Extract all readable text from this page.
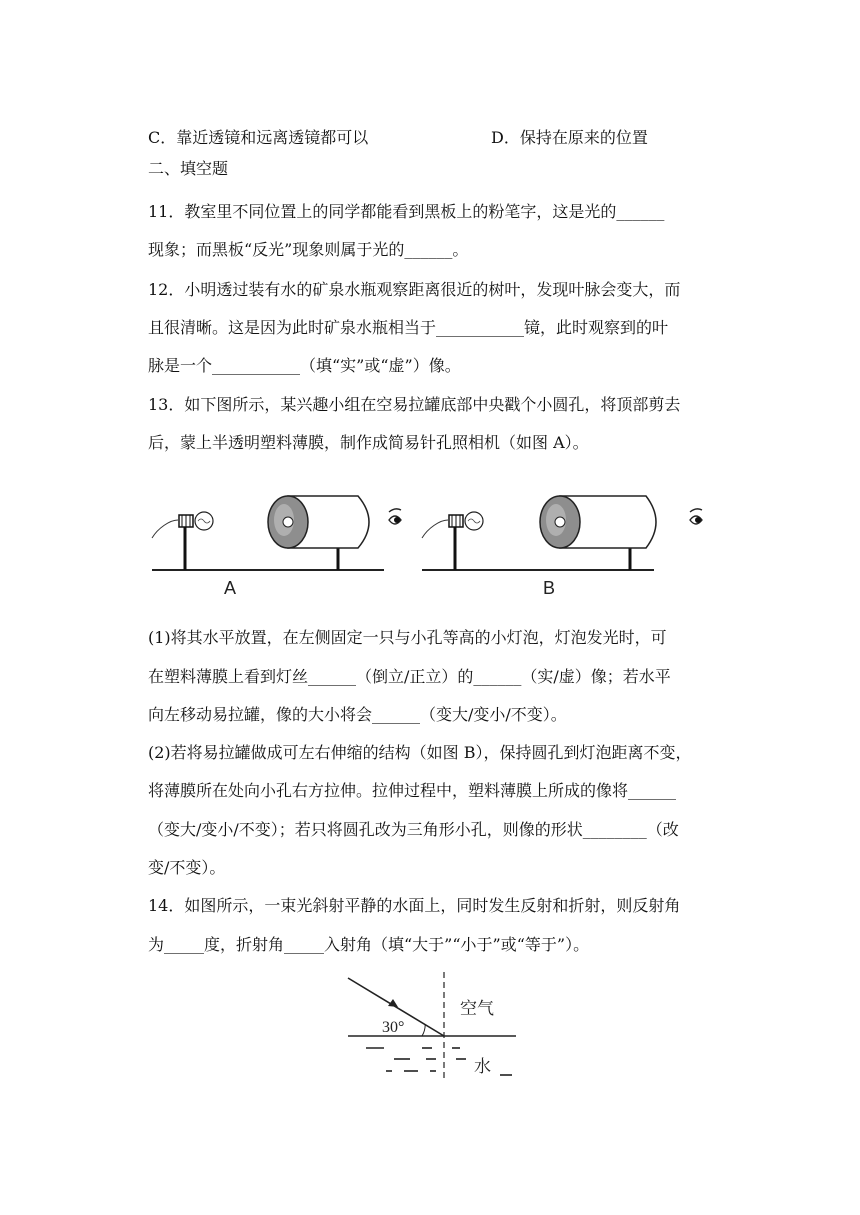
C．靠近透镜和远离透镜都可以	D．保持在原来的位置
二、填空题
11．教室里不同位置上的同学都能看到黑板上的粉笔字，这是光的______
现象；而黑板“反光”现象则属于光的______。
12．小明透过装有水的矿泉水瓶观察距离很近的树叶，发现叶脉会变大，而
且很清晰。这是因为此时矿泉水瓶相当于___________镜，此时观察到的叶
脉是一个___________（填“实”或“虚”）像。
13．如下图所示，某兴趣小组在空易拉罐底部中央戳个小圆孔，将顶部剪去
后，蒙上半透明塑料薄膜，制作成简易针孔照相机（如图 A）。
A	B
(1)将其水平放置，在左侧固定一只与小孔等高的小灯泡，灯泡发光时，可
在塑料薄膜上看到灯丝______（倒立/正立）的______（实/虚）像；若水平
向左移动易拉罐，像的大小将会______（变大/变小/不变）。
(2)若将易拉罐做成可左右伸缩的结构（如图 B），保持圆孔到灯泡距离不变，
将薄膜所在处向小孔右方拉伸。拉伸过程中，塑料薄膜上所成的像将______
（变大/变小/不变）；若只将圆孔改为三角形小孔，则像的形状________（改
变/不变）。
14．如图所示，一束光斜射平静的水面上，同时发生反射和折射，则反射角
为_____度，折射角_____入射角（填“大于”“小于”或“等于”）。
30°
空气
水
